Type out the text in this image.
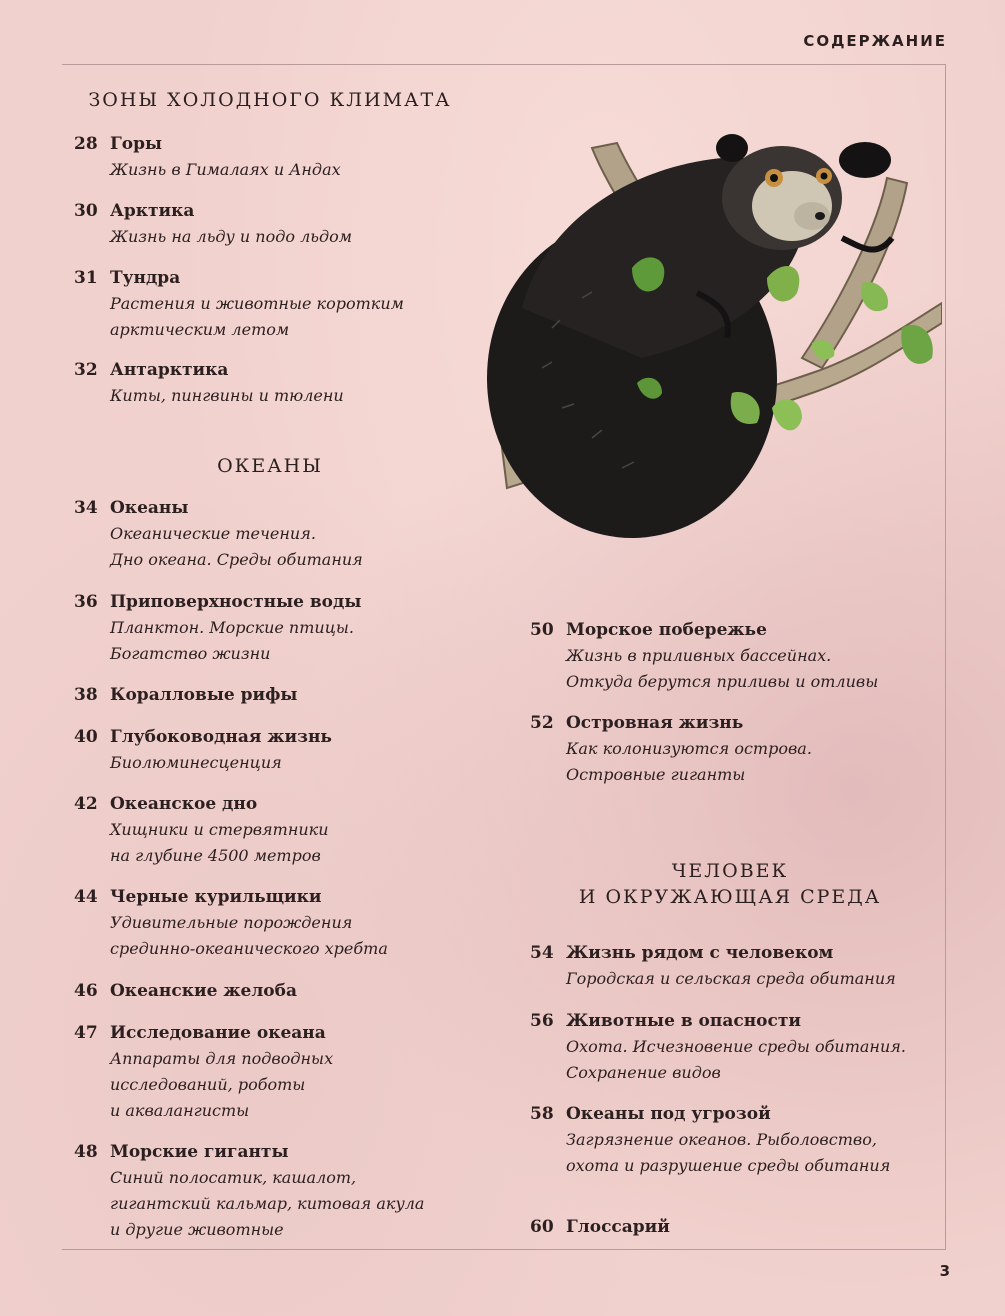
СОДЕРЖАНИЕ
ЗОНЫ ХОЛОДНОГО КЛИМАТА
ОКЕАНЫ
ЧЕЛОВЕК
И ОКРУЖАЮЩАЯ СРЕДА
28 Горы
Жизнь в Гималаях и Андах
30 Арктика
Жизнь на льду и подо льдом
31 Тундра
Растения и животные коротким
арктическим летом
32 Антарктика
Киты, пингвины и тюлени
34 Океаны
Океанические течения.
Дно океана. Среды обитания
36 Приповерхностные воды
Планктон. Морские птицы.
Богатство жизни
38 Коралловые рифы
40 Глубоководная жизнь
Биолюминесценция
42 Океанское дно
Хищники и стервятники
на глубине 4500 метров
44 Черные курильщики
Удивительные порождения
срединно-океанического хребта
46 Океанские желоба
47 Исследование океана
Аппараты для подводных
исследований, роботы
и аквалангисты
48 Морские гиганты
Синий полосатик, кашалот,
гигантский кальмар, китовая акула
и другие животные
50 Морское побережье
Жизнь в приливных бассейнах.
Откуда берутся приливы и отливы
52 Островная жизнь
Как колонизуются острова.
Островные гиганты
54 Жизнь рядом с человеком
Городская и сельская среда обитания
56 Животные в опасности
Охота. Исчезновение среды обитания.
Сохранение видов
58 Океаны под угрозой
Загрязнение океанов. Рыболовство,
охота и разрушение среды обитания
60 Глоссарий
3
